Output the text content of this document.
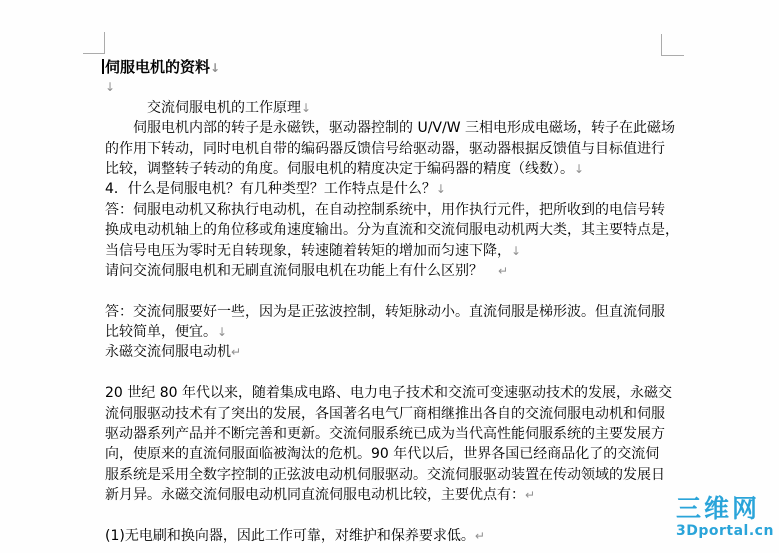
伺服电机的资料↓
↓
交流伺服电机的工作原理↓
伺服电机内部的转子是永磁铁，驱动器控制的 U/V/W 三相电形成电磁场，转子在此磁场
的作用下转动，同时电机自带的编码器反馈信号给驱动器，驱动器根据反馈值与目标值进行
比较，调整转子转动的角度。伺服电机的精度决定于编码器的精度（线数）。↓
4．什么是伺服电机？有几种类型？工作特点是什么？↓
答：伺服电动机又称执行电动机，在自动控制系统中，用作执行元件，把所收到的电信号转
换成电动机轴上的角位移或角速度输出。分为直流和交流伺服电动机两大类，其主要特点是，
当信号电压为零时无自转现象，转速随着转矩的增加而匀速下降，↓
请问交流伺服电机和无刷直流伺服电机在功能上有什么区别？ ↵
答：交流伺服要好一些，因为是正弦波控制，转矩脉动小。直流伺服是梯形波。但直流伺服
比较简单，便宜。↓
永磁交流伺服电动机↵
20 世纪 80 年代以来，随着集成电路、电力电子技术和交流可变速驱动技术的发展，永磁交
流伺服驱动技术有了突出的发展，各国著名电气厂商相继推出各自的交流伺服电动机和伺服
驱动器系列产品并不断完善和更新。交流伺服系统已成为当代高性能伺服系统的主要发展方
向，使原来的直流伺服面临被淘汰的危机。90 年代以后，世界各国已经商品化了的交流伺
服系统是采用全数字控制的正弦波电动机伺服驱动。交流伺服驱动装置在传动领域的发展日
新月异。永磁交流伺服电动机同直流伺服电动机比较，主要优点有：↵
(1)无电刷和换向器，因此工作可靠，对维护和保养要求低。↵
三维网
3Dportal.cn
